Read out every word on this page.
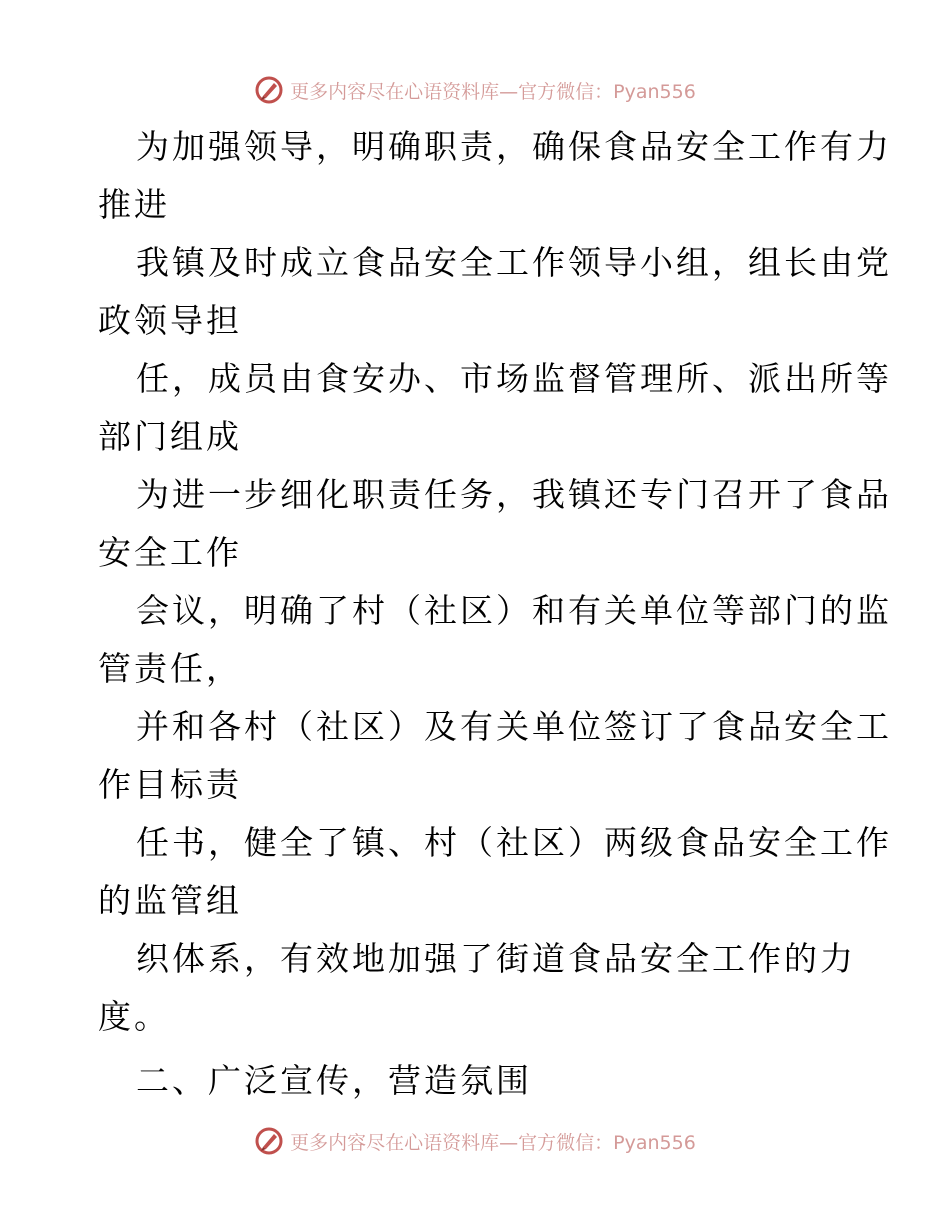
更多内容尽在心语资料库—官方微信：Pyan556
为加强领导，明确职责，确保食品安全工作有力
推进
我镇及时成立食品安全工作领导小组，组长由党
政领导担
任，成员由食安办、市场监督管理所、派出所等
部门组成
为进一步细化职责任务，我镇还专门召开了食品
安全工作
会议，明确了村（社区）和有关单位等部门的监
管责任，
并和各村（社区）及有关单位签订了食品安全工
作目标责
任书，健全了镇、村（社区）两级食品安全工作
的监管组
织体系，有效地加强了街道食品安全工作的力
度。
二、广泛宣传，营造氛围
更多内容尽在心语资料库—官方微信：Pyan556
